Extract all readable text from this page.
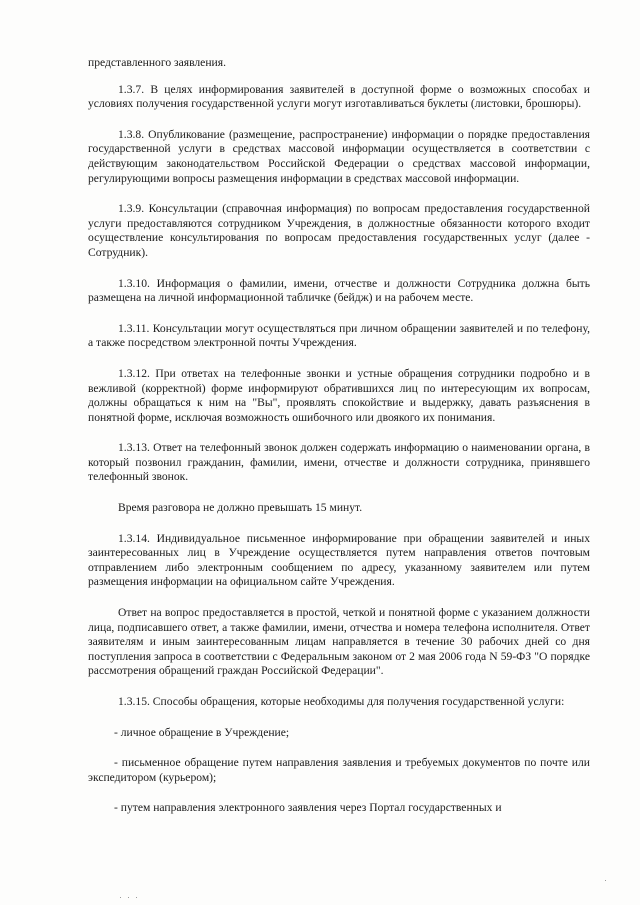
представленного заявления.

1.3.7. В целях информирования заявителей в доступной форме о возможных способах и условиях получения государственной услуги могут изготавливаться буклеты (листовки, брошюры).

1.3.8. Опубликование (размещение, распространение) информации о порядке предоставления государственной услуги в средствах массовой информации осуществляется в соответствии с действующим законодательством Российской Федерации о средствах массовой информации, регулирующими вопросы размещения информации в средствах массовой информации.

1.3.9. Консультации (справочная информация) по вопросам предоставления государственной услуги предоставляются сотрудником Учреждения, в должностные обязанности которого входит осуществление консультирования по вопросам предоставления государственных услуг (далее - Сотрудник).

1.3.10. Информация о фамилии, имени, отчестве и должности Сотрудника должна быть размещена на личной информационной табличке (бейдж) и на рабочем месте.

1.3.11. Консультации могут осуществляться при личном обращении заявителей и по телефону, а также посредством электронной почты Учреждения.

1.3.12. При ответах на телефонные звонки и устные обращения сотрудники подробно и в вежливой (корректной) форме информируют обратившихся лиц по интересующим их вопросам, должны обращаться к ним на "Вы", проявлять спокойствие и выдержку, давать разъяснения в понятной форме, исключая возможность ошибочного или двоякого их понимания.

1.3.13. Ответ на телефонный звонок должен содержать информацию о наименовании органа, в который позвонил гражданин, фамилии, имени, отчестве и должности сотрудника, принявшего телефонный звонок.

Время разговора не должно превышать 15 минут.

1.3.14. Индивидуальное письменное информирование при обращении заявителей и иных заинтересованных лиц в Учреждение осуществляется путем направления ответов почтовым отправлением либо электронным сообщением по адресу, указанному заявителем или путем размещения информации на официальном сайте Учреждения.

Ответ на вопрос предоставляется в простой, четкой и понятной форме с указанием должности лица, подписавшего ответ, а также фамилии, имени, отчества и номера телефона исполнителя. Ответ заявителям и иным заинтересованным лицам направляется в течение 30 рабочих дней со дня поступления запроса в соответствии с Федеральным законом от 2 мая 2006 года N 59-ФЗ "О порядке рассмотрения обращений граждан Российской Федерации".

1.3.15. Способы обращения, которые необходимы для получения государственной услуги:

- личное обращение в Учреждение;

- письменное обращение путем направления заявления и требуемых документов по почте или экспедитором (курьером);

- путем направления электронного заявления через Портал государственных и
